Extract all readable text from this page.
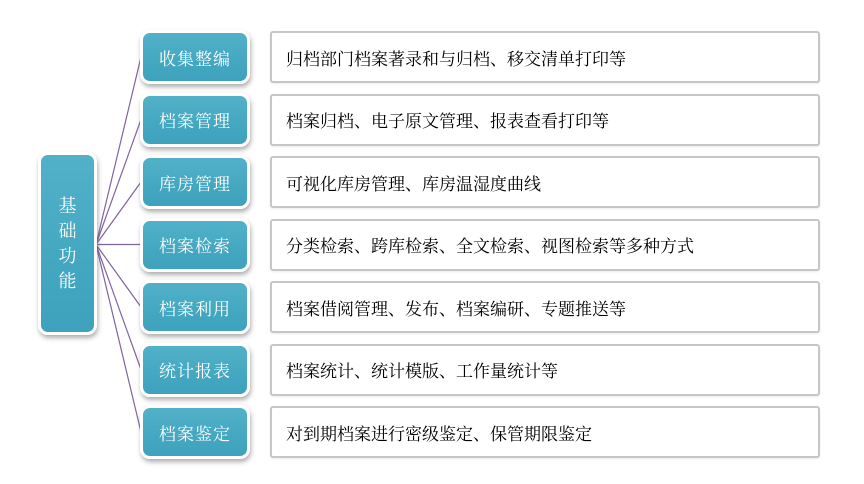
基础功能
收集整编	归档部门档案著录和与归档、移交清单打印等
档案管理	档案归档、电子原文管理、报表查看打印等
库房管理	可视化库房管理、库房温湿度曲线
档案检索	分类检索、跨库检索、全文检索、视图检索等多种方式
档案利用	档案借阅管理、发布、档案编研、专题推送等
统计报表	档案统计、统计模版、工作量统计等
档案鉴定	对到期档案进行密级鉴定、保管期限鉴定
